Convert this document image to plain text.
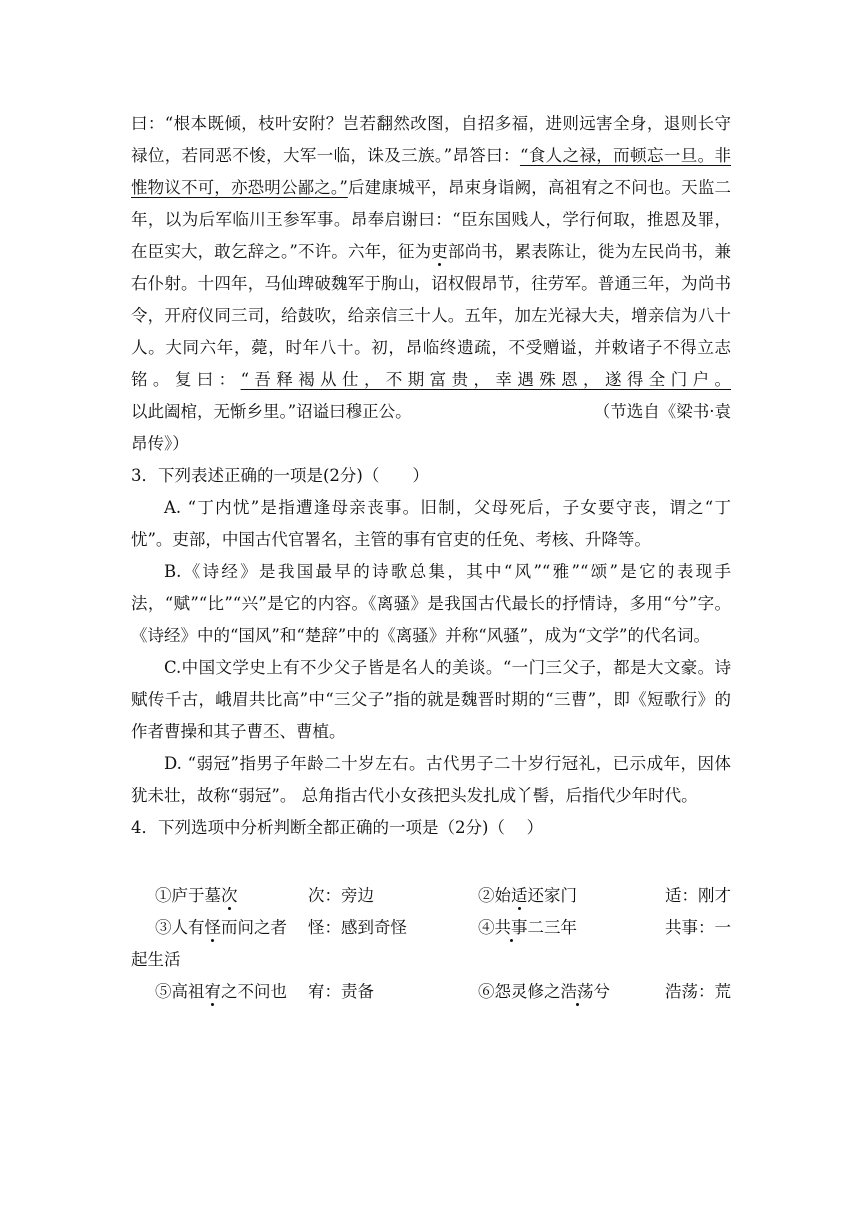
曰：“根本既倾，枝叶安附？岂若翻然改图，自招多福，进则远害全身，退则长守禄位，若同恶不悛，大军一临，诛及三族。”昂答曰：“食人之禄，而顿忘一旦。非惟物议不可，亦恐明公鄙之。”后建康城平，昂束身诣阙，高祖宥之不问也。天监二年，以为后军临川王参军事。昂奉启谢曰：“臣东国贱人，学行何取，推恩及罪，在臣实大，敢乞辞之。”不许。六年，征为吏部尚书，累表陈让，徙为左民尚书，兼右仆射。十四年，马仙琕破魏军于朐山，诏权假昂节，往劳军。普通三年，为尚书令，开府仪同三司，给鼓吹，给亲信三十人。五年，加左光禄大夫，增亲信为八十人。大同六年，薨，时年八十。初，昂临终遗疏，不受赠谥，并敕诸子不得立志铭。复曰：“吾释褐从仕，不期富贵，幸遇殊恩，遂得全门户。
以此阖棺，无惭乡里。”诏谥曰穆正公。	（节选自《梁书·袁
昂传》）

3．下列表述正确的一项是(2分)（　　）

A. “丁内忧”是指遭逢母亲丧事。旧制，父母死后，子女要守丧，谓之“丁忧”。吏部，中国古代官署名，主管的事有官吏的任免、考核、升降等。

B.《诗经》是我国最早的诗歌总集，其中“风”“雅”“颂”是它的表现手法，“赋”“比”“兴”是它的内容。《离骚》是我国古代最长的抒情诗，多用“兮”字。《诗经》中的“国风”和“楚辞”中的《离骚》并称“风骚”，成为“文学”的代名词。

C.中国文学史上有不少父子皆是名人的美谈。“一门三父子，都是大文豪。诗赋传千古，峨眉共比高”中“三父子”指的就是魏晋时期的“三曹”，即《短歌行》的作者曹操和其子曹丕、曹植。

D. “弱冠”指男子年龄二十岁左右。古代男子二十岁行冠礼，已示成年，因体犹未壮，故称“弱冠”。 总角指古代小女孩把头发扎成丫髻，后指代少年时代。

4．下列选项中分析判断全都正确的一项是（2分)（　 ）

①庐于墓次	次：旁边	②始适还家门	适：刚才
③人有怪而问之者	怪：感到奇怪	④共事二三年	共事：一

起生活

⑤高祖宥之不问也	宥：责备	⑥怨灵修之浩荡兮	浩荡：荒
